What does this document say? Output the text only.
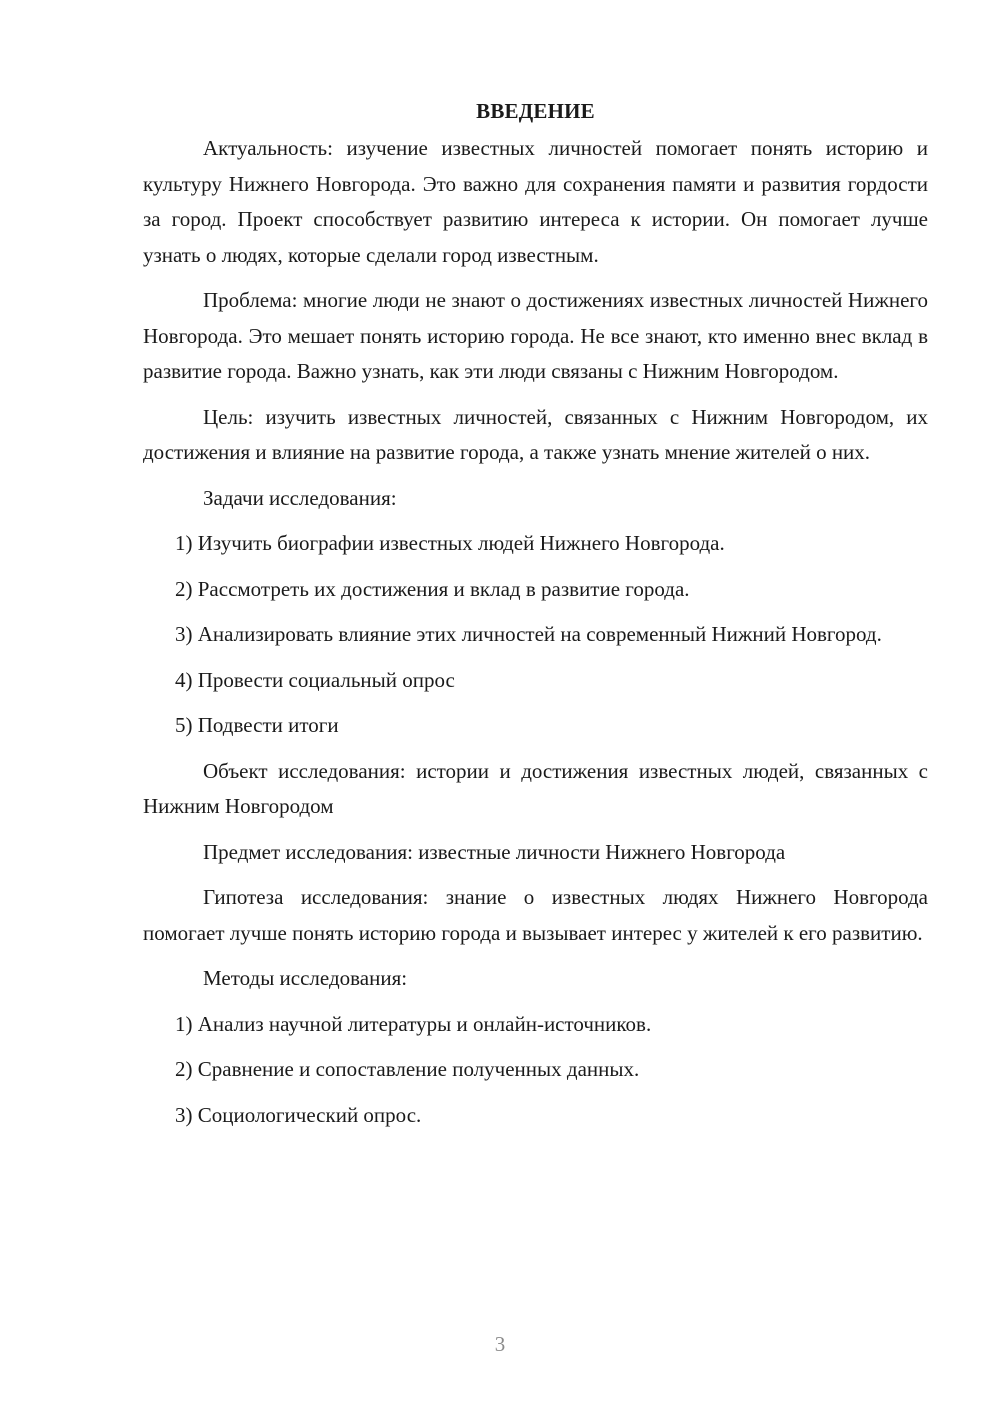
ВВЕДЕНИЕ

Актуальность: изучение известных личностей помогает понять историю и культуру Нижнего Новгорода. Это важно для сохранения памяти и развития гордости за город. Проект способствует развитию интереса к истории. Он помогает лучше узнать о людях, которые сделали город известным.

Проблема: многие люди не знают о достижениях известных личностей Нижнего Новгорода. Это мешает понять историю города. Не все знают, кто именно внес вклад в развитие города. Важно узнать, как эти люди связаны с Нижним Новгородом.

Цель: изучить известных личностей, связанных с Нижним Новгородом, их достижения и влияние на развитие города, а также узнать мнение жителей о них.

Задачи исследования:

1) Изучить биографии известных людей Нижнего Новгорода.

2) Рассмотреть их достижения и вклад в развитие города.

3) Анализировать влияние этих личностей на современный Нижний Новгород.

4) Провести социальный опрос

5) Подвести итоги

Объект исследования: истории и достижения известных людей, связанных с Нижним Новгородом

Предмет исследования: известные личности Нижнего Новгорода

Гипотеза исследования: знание о известных людях Нижнего Новгорода помогает лучше понять историю города и вызывает интерес у жителей к его развитию.

Методы исследования:

1) Анализ научной литературы и онлайн-источников.

2) Сравнение и сопоставление полученных данных.

3) Социологический опрос.

3
